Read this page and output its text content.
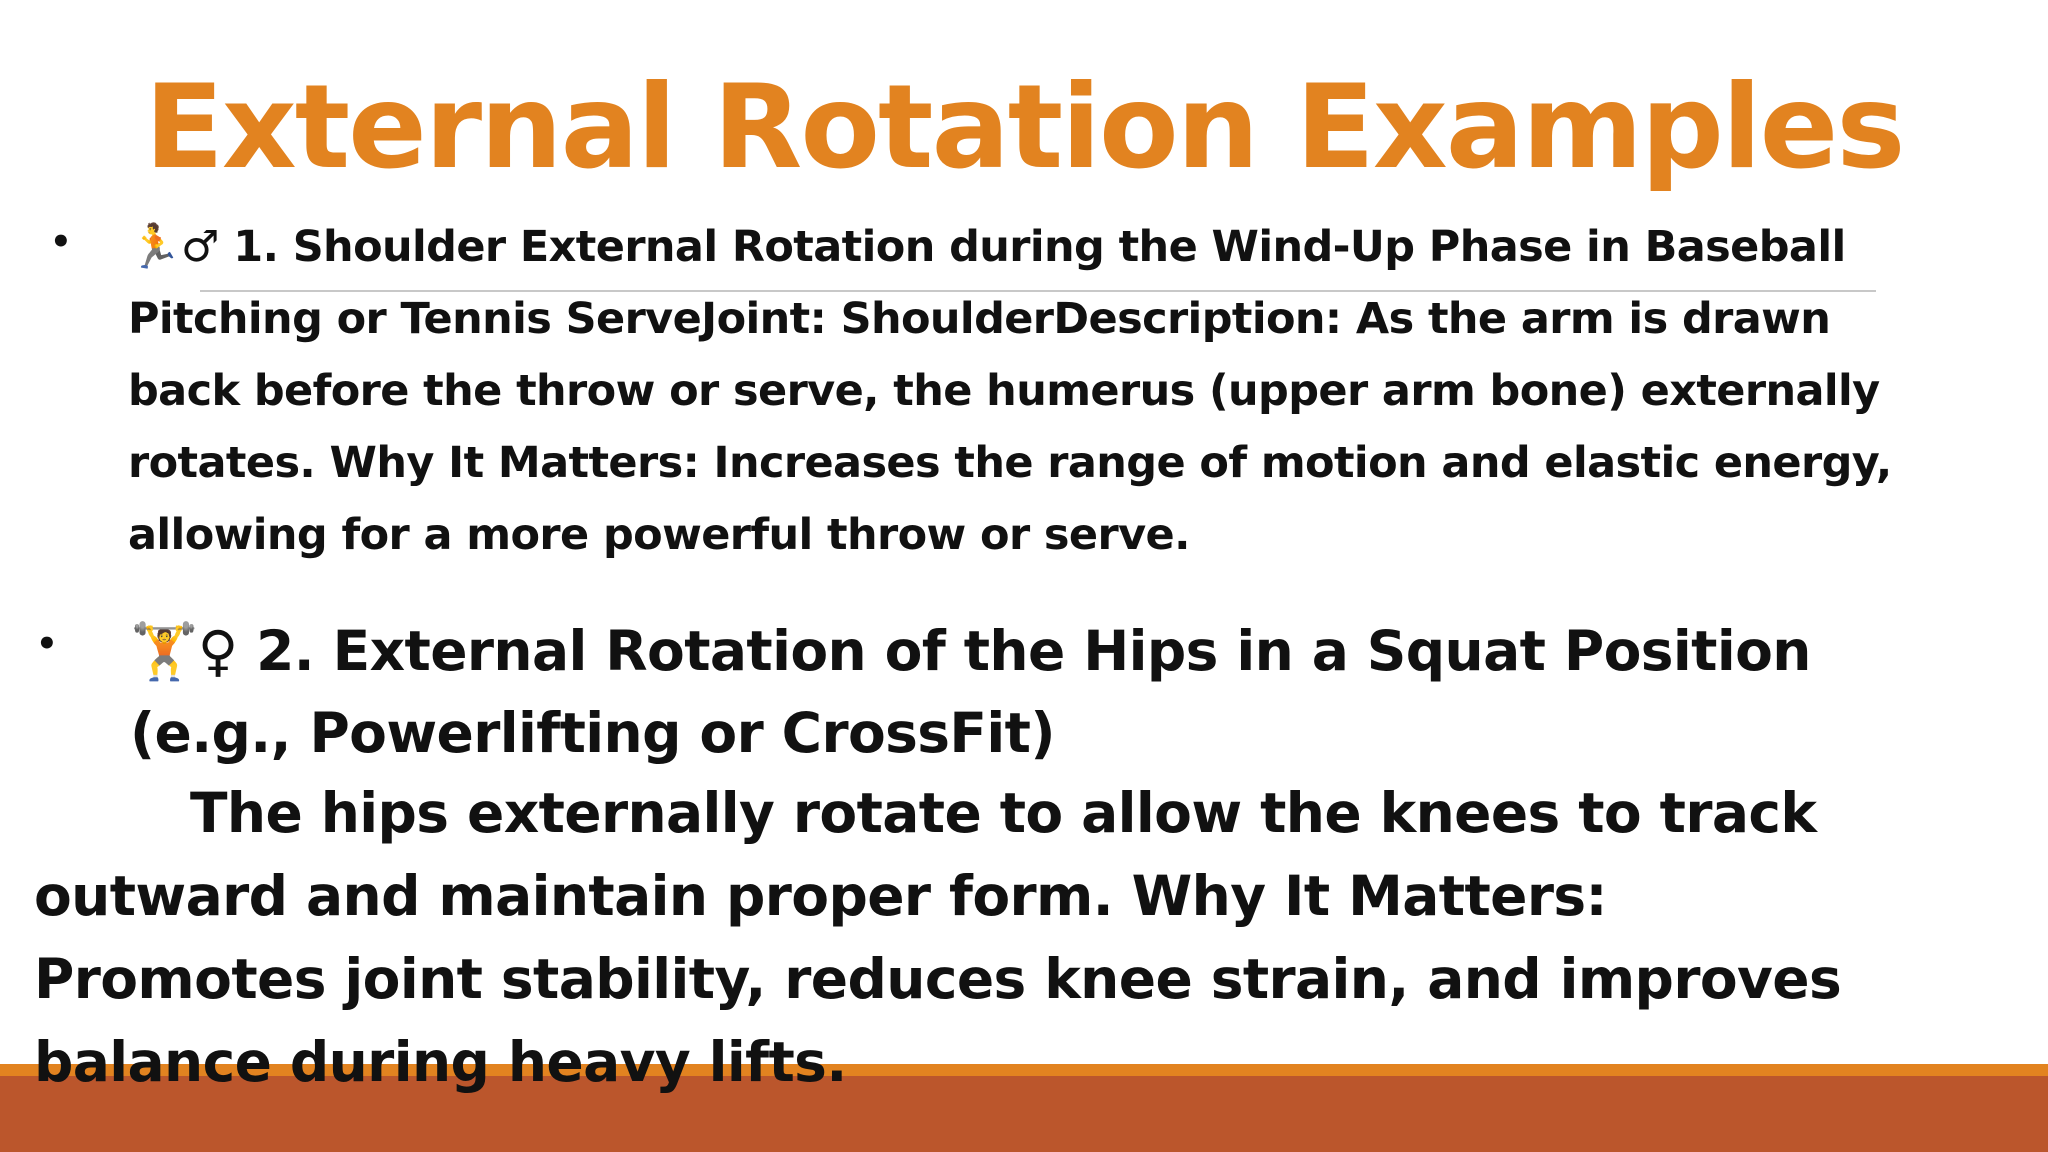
External Rotation Examples
• 🏃♂ 1. Shoulder External Rotation during the Wind-Up Phase in Baseball Pitching or Tennis ServeJoint: ShoulderDescription: As the arm is drawn back before the throw or serve, the humerus (upper arm bone) externally rotates. Why It Matters: Increases the range of motion and elastic energy, allowing for a more powerful throw or serve.
• 🏋♀ 2. External Rotation of the Hips in a Squat Position (e.g., Powerlifting or CrossFit)
The hips externally rotate to allow the knees to track outward and maintain proper form. Why It Matters: Promotes joint stability, reduces knee strain, and improves balance during heavy lifts.
